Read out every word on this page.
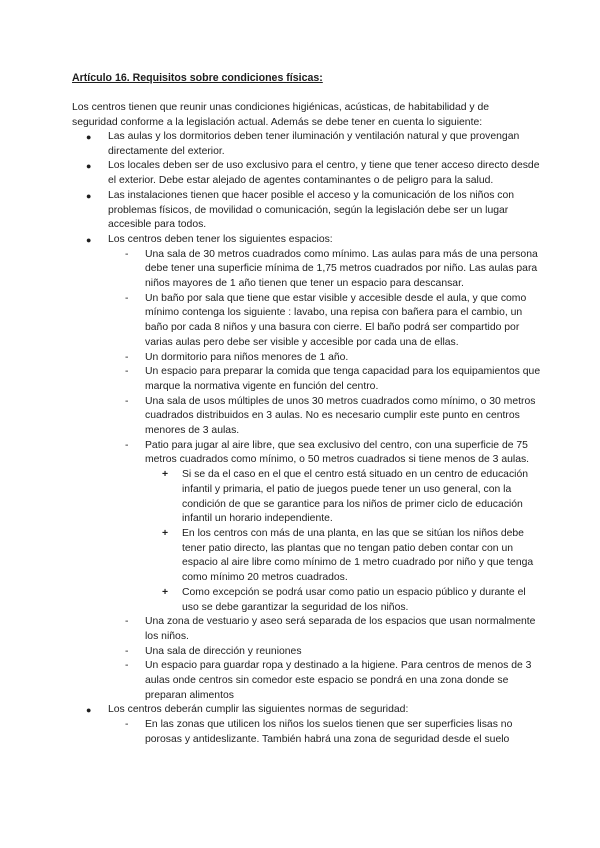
Artículo 16. Requisitos sobre condiciones físicas:

Los centros tienen que reunir unas condiciones higiénicas, acústicas, de habitabilidad y de seguridad conforme a la legislación actual. Además se debe tener en cuenta lo siguiente:

● Las aulas y los dormitorios deben tener iluminación y ventilación natural y que provengan directamente del exterior.
● Los locales deben ser de uso exclusivo para el centro, y tiene que tener acceso directo desde el exterior. Debe estar alejado de agentes contaminantes o de peligro para la salud.
● Las instalaciones tienen que hacer posible el acceso y la comunicación de los niños con problemas físicos, de movilidad o comunicación, según la legislación debe ser un lugar accesible para todos.
● Los centros deben tener los siguientes espacios:
- Una sala de 30 metros cuadrados como mínimo. Las aulas para más de una persona debe tener una superficie mínima de 1,75 metros cuadrados por niño. Las aulas para niños mayores de 1 año tienen que tener un espacio para descansar.
- Un baño por sala que tiene que estar visible y accesible desde el aula, y que como mínimo contenga los siguiente : lavabo, una repisa con bañera para el cambio, un baño por cada 8 niños y una basura con cierre. El baño podrá ser compartido por varias aulas pero debe ser visible y accesible por cada una de ellas.
- Un dormitorio para niños menores de 1 año.
- Un espacio para preparar la comida que tenga capacidad para los equipamientos que marque la normativa vigente en función del centro.
- Una sala de usos múltiples de unos 30 metros cuadrados como mínimo, o 30 metros cuadrados distribuidos en 3 aulas. No es necesario cumplir este punto en centros menores de 3 aulas.
- Patio para jugar al aire libre, que sea exclusivo del centro, con una superficie de 75 metros cuadrados como mínimo, o 50 metros cuadrados si tiene menos de 3 aulas.
+ Si se da el caso en el que el centro está situado en un centro de educación infantil y primaria, el patio de juegos puede tener un uso general, con la condición de que se garantice para los niños de primer ciclo de educación infantil un horario independiente.
+ En los centros con más de una planta, en las que se sitúan los niños debe tener patio directo, las plantas que no tengan patio deben contar con un espacio al aire libre como mínimo de 1 metro cuadrado por niño y que tenga como mínimo 20 metros cuadrados.
+ Como excepción se podrá usar como patio un espacio público y durante el uso se debe garantizar la seguridad de los niños.
- Una zona de vestuario y aseo será separada de los espacios que usan normalmente los niños.
- Una sala de dirección y reuniones
- Un espacio para guardar ropa y destinado a la higiene. Para centros de menos de 3 aulas onde centros sin comedor este espacio se pondrá en una zona donde se preparan alimentos
● Los centros deberán cumplir las siguientes normas de seguridad:
- En las zonas que utilicen los niños los suelos tienen que ser superficies lisas no porosas y antideslizante. También habrá una zona de seguridad desde el suelo
